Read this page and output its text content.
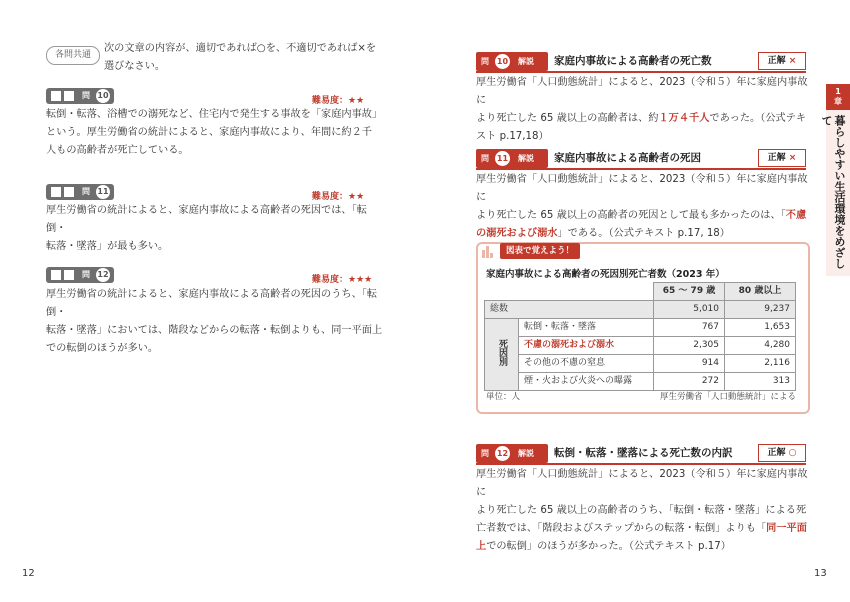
各問共通
次の文章の内容が、適切であれば○を、不適切であれば×を
選びなさい。
問 10
難易度：★★
転倒・転落、浴槽での溺死など、住宅内で発生する事故を「家庭内事故」
という。厚生労働省の統計によると、家庭内事故により、年間に約２千
人もの高齢者が死亡している。
問 11
難易度：★★
厚生労働省の統計によると、家庭内事故による高齢者の死因では、「転倒・
転落・墜落」が最も多い。
問 12
難易度：★★★
厚生労働省の統計によると、家庭内事故による高齢者の死因のうち、「転倒・
転落・墜落」においては、階段などからの転落・転倒よりも、同一平面上
での転倒のほうが多い。
12
問 10 解説 家庭内事故による高齢者の死亡数	正解 ×
厚生労働省「人口動態統計」によると、2023（令和５）年に家庭内事故に
より死亡した 65 歳以上の高齢者は、約１万４千人であった。（公式テキ
スト p.17,18）
問 11 解説 家庭内事故による高齢者の死因	正解 ×
厚生労働省「人口動態統計」によると、2023（令和５）年に家庭内事故に
より死亡した 65 歳以上の高齢者の死因として最も多かったのは、「不慮
の溺死および溺水」である。（公式テキスト p.17, 18）
図表で覚えよう！
家庭内事故による高齢者の死因別死亡者数（2023 年）
		65 ～ 79 歳	80 歳以上
総数		5,010	9,237
死因別	転倒・転落・墜落	767	1,653
	不慮の溺死および溺水	2,305	4,280
	その他の不慮の窒息	914	2,116
	煙・火および火炎への曝露	272	313
単位：人	厚生労働省「人口動態統計」による
問 12 解説 転倒・転落・墜落による死亡数の内訳	正解 ○
厚生労働省「人口動態統計」によると、2023（令和５）年に家庭内事故に
より死亡した 65 歳以上の高齢者のうち、「転倒・転落・墜落」による死
亡者数では、「階段およびステップからの転落・転倒」よりも「同一平面
上での転倒」のほうが多かった。（公式テキスト p.17）
1
章
暮らしやすい生活環境をめざして
13
